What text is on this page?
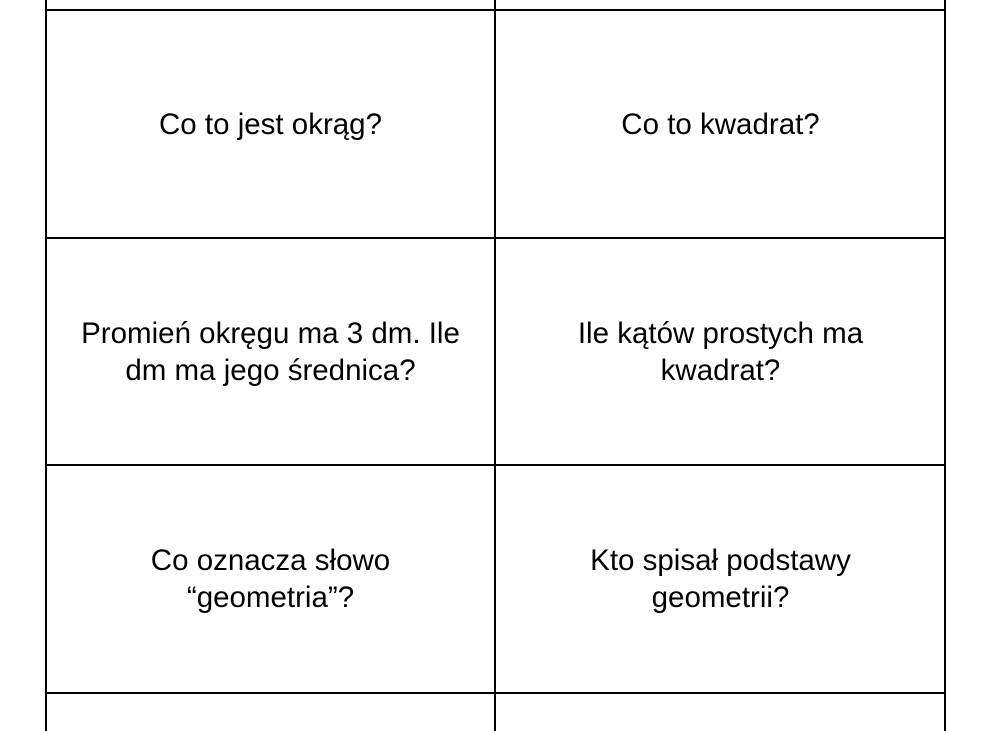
Co to jest okrąg?	Co to kwadrat?
Promień okręgu ma 3 dm. Ile
dm ma jego średnica?
Ile kątów prostych ma
kwadrat?
Co oznacza słowo
“geometria”?
Kto spisał podstawy
geometrii?
